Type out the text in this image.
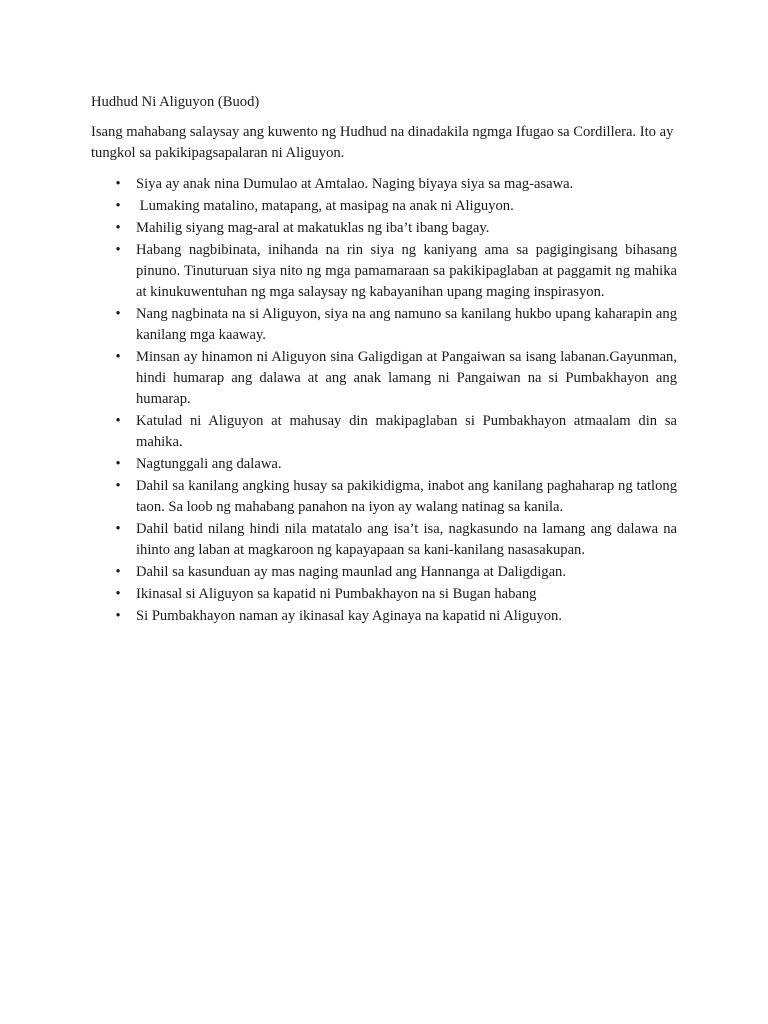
Hudhud Ni Aliguyon (Buod)

Isang mahabang salaysay ang kuwento ng Hudhud na dinadakila ngmga Ifugao sa Cordillera. Ito ay tungkol sa pakikipagsapalaran ni Aliguyon.

• Siya ay anak nina Dumulao at Amtalao. Naging biyaya siya sa mag-asawa.
• Lumaking matalino, matapang, at masipag na anak ni Aliguyon.
• Mahilig siyang mag-aral at makatuklas ng iba’t ibang bagay.
• Habang nagbibinata, inihanda na rin siya ng kaniyang ama sa pagigingisang bihasang pinuno. Tinuturuan siya nito ng mga pamamaraan sa pakikipaglaban at paggamit ng mahika at kinukuwentuhan ng mga salaysay ng kabayanihan upang maging inspirasyon.
• Nang nagbinata na si Aliguyon, siya na ang namuno sa kanilang hukbo upang kaharapin ang kanilang mga kaaway.
• Minsan ay hinamon ni Aliguyon sina Galigdigan at Pangaiwan sa isang labanan.Gayunman, hindi humarap ang dalawa at ang anak lamang ni Pangaiwan na si Pumbakhayon ang humarap.
• Katulad ni Aliguyon at mahusay din makipaglaban si Pumbakhayon atmaalam din sa mahika.
• Nagtunggali ang dalawa.
• Dahil sa kanilang angking husay sa pakikidigma, inabot ang kanilang paghaharap ng tatlong taon. Sa loob ng mahabang panahon na iyon ay walang natinag sa kanila.
• Dahil batid nilang hindi nila matatalo ang isa’t isa, nagkasundo na lamang ang dalawa na ihinto ang laban at magkaroon ng kapayapaan sa kani-kanilang nasasakupan.
• Dahil sa kasunduan ay mas naging maunlad ang Hannanga at Daligdigan.
• Ikinasal si Aliguyon sa kapatid ni Pumbakhayon na si Bugan habang
• Si Pumbakhayon naman ay ikinasal kay Aginaya na kapatid ni Aliguyon.
